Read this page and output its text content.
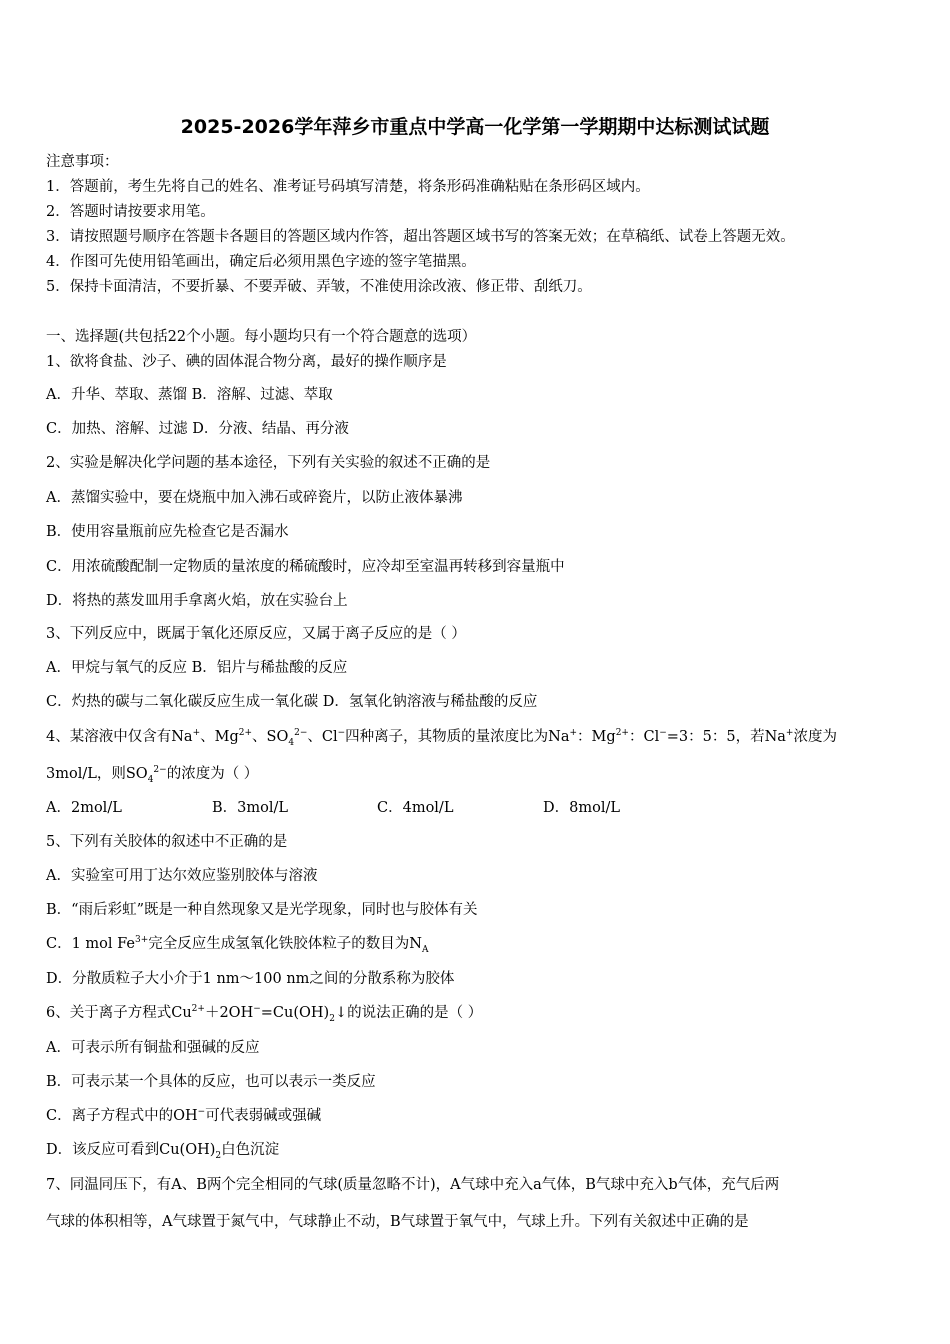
2025-2026学年萍乡市重点中学高一化学第一学期期中达标测试试题
注意事项：
1．答题前，考生先将自己的姓名、准考证号码填写清楚，将条形码准确粘贴在条形码区域内。
2．答题时请按要求用笔。
3．请按照题号顺序在答题卡各题目的答题区域内作答，超出答题区域书写的答案无效；在草稿纸、试卷上答题无效。
4．作图可先使用铅笔画出，确定后必须用黑色字迹的签字笔描黑。
5．保持卡面清洁，不要折暴、不要弄破、弄皱，不准使用涂改液、修正带、刮纸刀。
一、选择题(共包括22个小题。每小题均只有一个符合题意的选项）
1、欲将食盐、沙子、碘的固体混合物分离，最好的操作顺序是
A．升华、萃取、蒸馏 B．溶解、过滤、萃取
C．加热、溶解、过滤 D．分液、结晶、再分液
2、实验是解决化学问题的基本途径，下列有关实验的叙述不正确的是
A．蒸馏实验中，要在烧瓶中加入沸石或碎瓷片，以防止液体暴沸
B．使用容量瓶前应先检查它是否漏水
C．用浓硫酸配制一定物质的量浓度的稀硫酸时，应冷却至室温再转移到容量瓶中
D．将热的蒸发皿用手拿离火焰，放在实验台上
3、下列反应中，既属于氧化还原反应，又属于离子反应的是（ ）
A．甲烷与氧气的反应 B．铝片与稀盐酸的反应
C．灼热的碳与二氧化碳反应生成一氧化碳 D．氢氧化钠溶液与稀盐酸的反应
4、某溶液中仅含有Na+、$Mg^{2+}$、$SO_4^{2-}$、Cl−四种离子，其物质的量浓度比为Na+：$Mg^{2+}$：Cl−=3：5：5，若Na+浓度为
3mol/L，则$SO_4^{2-}$的浓度为（ ）
A．2mol/L	B．3mol/L	C．4mol/L	D．8mol/L
5、下列有关胶体的叙述中不正确的是
A．实验室可用丁达尔效应鉴别胶体与溶液
B．“雨后彩虹”既是一种自然现象又是光学现象，同时也与胶体有关
C．1 mol $Fe^{3+}$完全反应生成氢氧化铁胶体粒子的数目为$N_A$
D．分散质粒子大小介于1 nm～100 nm之间的分散系称为胶体
6、关于离子方程式$Cu^{2+}+2OH^-=Cu(OH)_2↓$的说法正确的是（ ）
A．可表示所有铜盐和强碱的反应
B．可表示某一个具体的反应，也可以表示一类反应
C．离子方程式中的OH−可代表弱碱或强碱
D．该反应可看到$Cu(OH)_2$白色沉淀
7、同温同压下，有A、B两个完全相同的气球(质量忽略不计)，A气球中充入a气体，B气球中充入b气体，充气后两
气球的体积相等，A气球置于氮气中，气球静止不动，B气球置于氧气中，气球上升。下列有关叙述中正确的是
